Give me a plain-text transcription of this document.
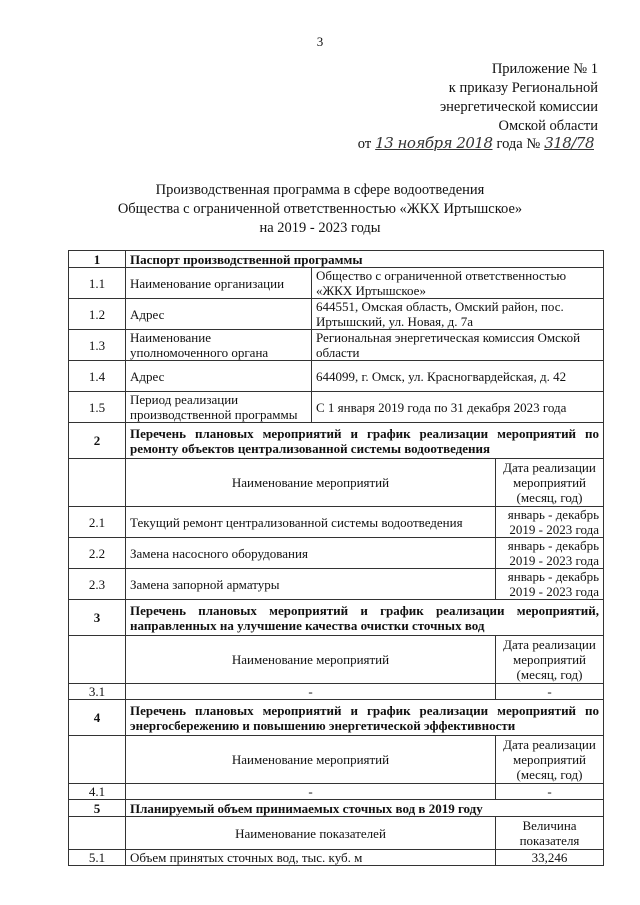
3
Приложение № 1
к приказу Региональной
энергетической комиссии
Омской области
от 13 ноября 2018 года № 318/78
Производственная программа в сфере водоотведения
Общества с ограниченной ответственностью «ЖКХ Иртышское»
на 2019 - 2023 годы
1	Паспорт производственной программы		
1.1	Наименование организации	Общество с ограниченной ответственностью «ЖКХ Иртышское»	
1.2	Адрес	644551, Омская область, Омский район, пос. Иртышский, ул. Новая, д. 7а	
1.3	Наименование уполномоченного органа	Региональная энергетическая комиссия Омской области	
1.4	Адрес	644099, г. Омск, ул. Красногвардейская, д. 42	
1.5	Период реализации производственной программы	С 1 января 2019 года по 31 декабря 2023 года	
2	Перечень плановых мероприятий и график реализации мероприятий по ремонту объектов централизованной системы водоотведения		
	Наименование мероприятий		Дата реализации мероприятий (месяц, год)
2.1	Текущий ремонт централизованной системы водоотведения		январь - декабрь 2019 - 2023 года
2.2	Замена насосного оборудования		январь - декабрь 2019 - 2023 года
2.3	Замена запорной арматуры		январь - декабрь 2019 - 2023 года
3	Перечень плановых мероприятий и график реализации мероприятий, направленных на улучшение качества очистки сточных вод		
	Наименование мероприятий		Дата реализации мероприятий (месяц, год)
3.1	-		-
4	Перечень плановых мероприятий и график реализации мероприятий по энергосбережению и повышению энергетической эффективности		
	Наименование мероприятий		Дата реализации мероприятий (месяц, год)
4.1	-		-
5	Планируемый объем принимаемых сточных вод в 2019 году		
	Наименование показателей		Величина показателя
5.1	Объем принятых сточных вод, тыс. куб. м		33,246
